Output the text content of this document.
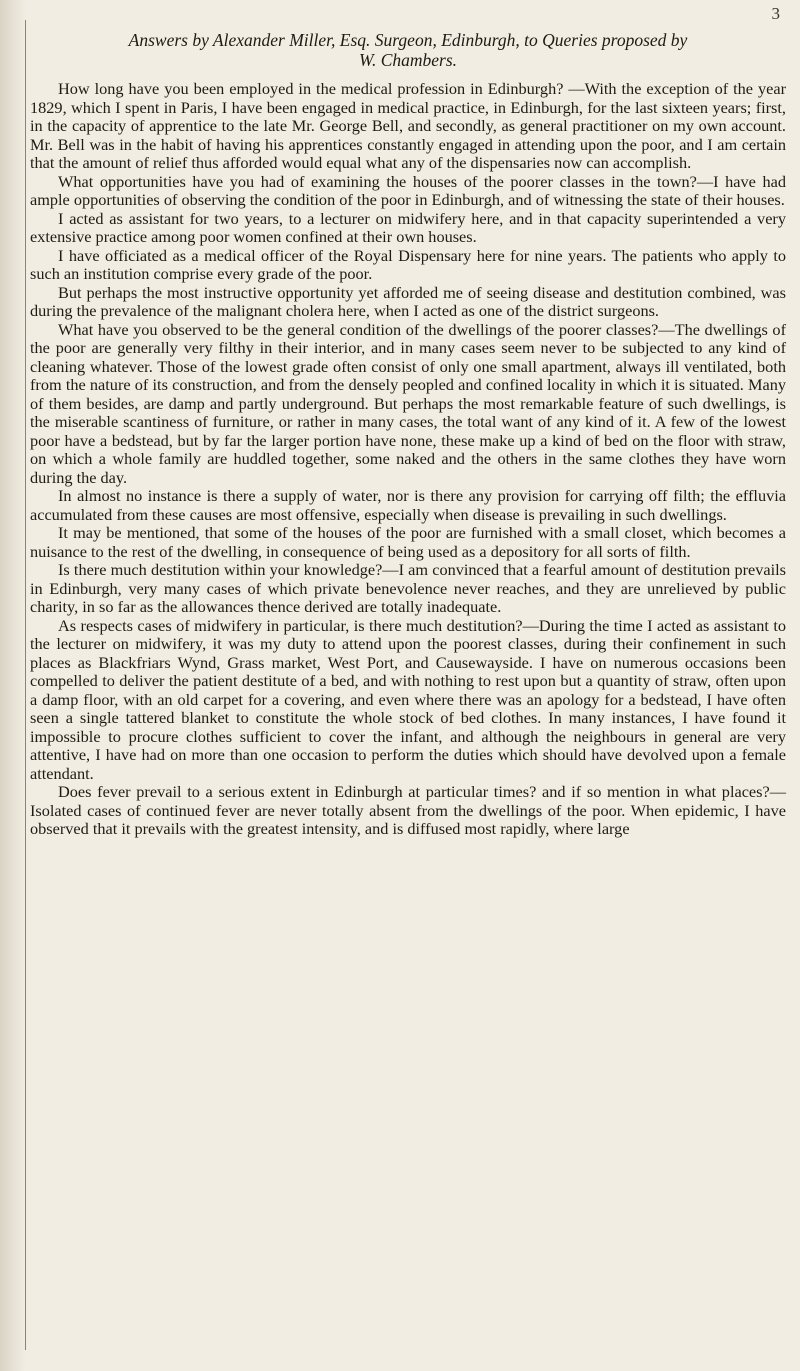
3
Answers by Alexander Miller, Esq. Surgeon, Edinburgh, to Queries proposed by
W. Chambers.

How long have you been employed in the medical profession in Edinburgh? —With the exception of the year 1829, which I spent in Paris, I have been engaged in medical practice, in Edinburgh, for the last sixteen years; first, in the capacity of apprentice to the late Mr. George Bell, and secondly, as general practitioner on my own account. Mr. Bell was in the habit of having his apprentices constantly engaged in attending upon the poor, and I am certain that the amount of relief thus afforded would equal what any of the dispensaries now can accomplish.

What opportunities have you had of examining the houses of the poorer classes in the town?—I have had ample opportunities of observing the condition of the poor in Edinburgh, and of witnessing the state of their houses.

I acted as assistant for two years, to a lecturer on midwifery here, and in that capacity superintended a very extensive practice among poor women confined at their own houses.

I have officiated as a medical officer of the Royal Dispensary here for nine years. The patients who apply to such an institution comprise every grade of the poor.

But perhaps the most instructive opportunity yet afforded me of seeing disease and destitution combined, was during the prevalence of the malignant cholera here, when I acted as one of the district surgeons.

What have you observed to be the general condition of the dwellings of the poorer classes?—The dwellings of the poor are generally very filthy in their interior, and in many cases seem never to be subjected to any kind of cleaning whatever. Those of the lowest grade often consist of only one small apartment, always ill ventilated, both from the nature of its construction, and from the densely peopled and confined locality in which it is situated. Many of them besides, are damp and partly underground. But perhaps the most remarkable feature of such dwellings, is the miserable scantiness of furniture, or rather in many cases, the total want of any kind of it. A few of the lowest poor have a bedstead, but by far the larger portion have none, these make up a kind of bed on the floor with straw, on which a whole family are huddled together, some naked and the others in the same clothes they have worn during the day.

In almost no instance is there a supply of water, nor is there any provision for carrying off filth; the effluvia accumulated from these causes are most offensive, especially when disease is prevailing in such dwellings.

It may be mentioned, that some of the houses of the poor are furnished with a small closet, which becomes a nuisance to the rest of the dwelling, in consequence of being used as a depository for all sorts of filth.

Is there much destitution within your knowledge?—I am convinced that a fearful amount of destitution prevails in Edinburgh, very many cases of which private benevolence never reaches, and they are unrelieved by public charity, in so far as the allowances thence derived are totally inadequate.

As respects cases of midwifery in particular, is there much destitution?—During the time I acted as assistant to the lecturer on midwifery, it was my duty to attend upon the poorest classes, during their confinement in such places as Blackfriars Wynd, Grass market, West Port, and Causewayside. I have on numerous occasions been compelled to deliver the patient destitute of a bed, and with nothing to rest upon but a quantity of straw, often upon a damp floor, with an old carpet for a covering, and even where there was an apology for a bedstead, I have often seen a single tattered blanket to constitute the whole stock of bed clothes. In many instances, I have found it impossible to procure clothes sufficient to cover the infant, and although the neighbours in general are very attentive, I have had on more than one occasion to perform the duties which should have devolved upon a female attendant.

Does fever prevail to a serious extent in Edinburgh at particular times? and if so mention in what places?—Isolated cases of continued fever are never totally absent from the dwellings of the poor. When epidemic, I have observed that it prevails with the greatest intensity, and is diffused most rapidly, where large
